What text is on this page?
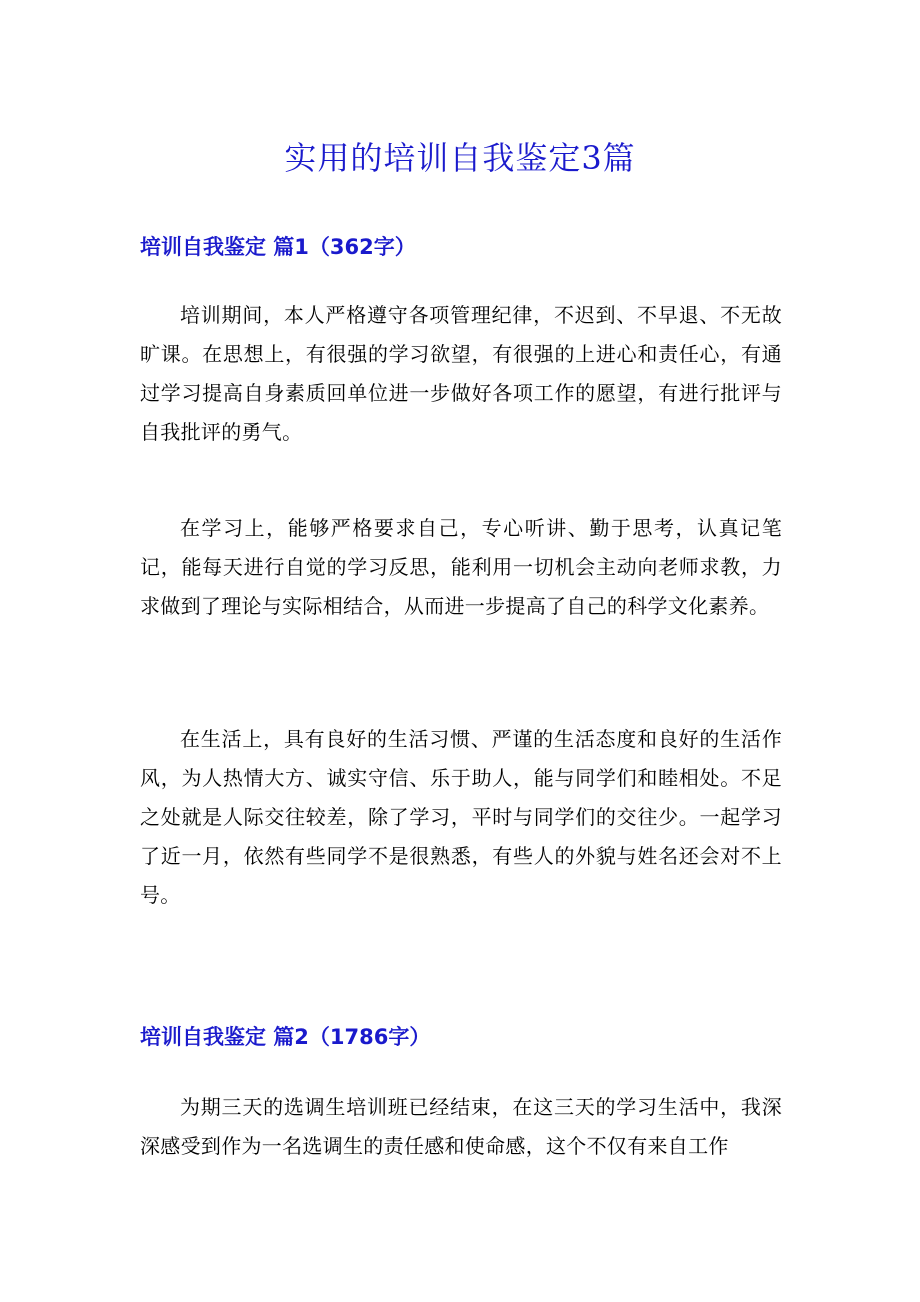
实用的培训自我鉴定3篇
培训自我鉴定 篇1（362字）

培训期间，本人严格遵守各项管理纪律，不迟到、不早退、不无故旷课。在思想上，有很强的学习欲望，有很强的上进心和责任心，有通过学习提高自身素质回单位进一步做好各项工作的愿望，有进行批评与自我批评的勇气。

在学习上，能够严格要求自己，专心听讲、勤于思考，认真记笔记，能每天进行自觉的学习反思，能利用一切机会主动向老师求教，力求做到了理论与实际相结合，从而进一步提高了自己的科学文化素养。

在生活上，具有良好的生活习惯、严谨的生活态度和良好的生活作风，为人热情大方、诚实守信、乐于助人，能与同学们和睦相处。不足之处就是人际交往较差，除了学习，平时与同学们的交往少。一起学习了近一月，依然有些同学不是很熟悉，有些人的外貌与姓名还会对不上号。

培训自我鉴定 篇2（1786字）

为期三天的选调生培训班已经结束，在这三天的学习生活中，我深深感受到作为一名选调生的责任感和使命感，这个不仅有来自工作
